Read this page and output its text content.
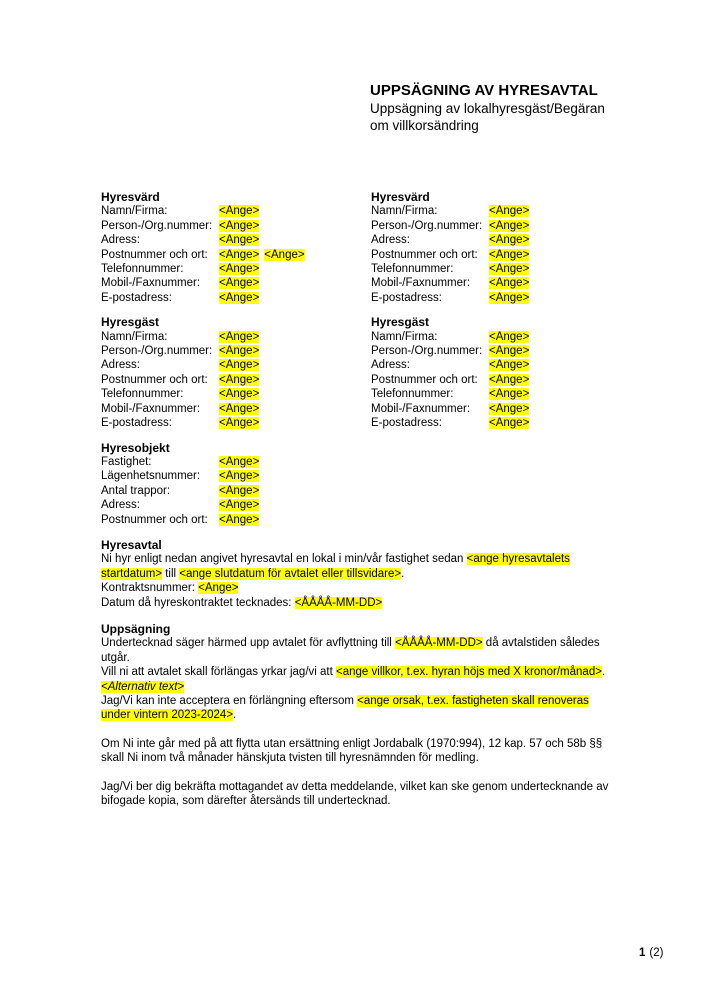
UPPSÄGNING AV HYRESAVTAL

Uppsägning av lokalhyresgäst/Begäran om villkorsändring

Hyresvärd
Namn/Firma:	<Ange>
Person-/Org.nummer: <Ange>
Adress:	<Ange>
Postnummer och ort: <Ange> <Ange>
Telefonnummer:	<Ange>
Mobil-/Faxnummer: <Ange>
E-postadress:	<Ange>
Hyresgäst
Namn/Firma:	<Ange>
Person-/Org.nummer: <Ange>
Adress:	<Ange>
Postnummer och ort: <Ange>
Telefonnummer:	<Ange>
Mobil-/Faxnummer: <Ange>
E-postadress:	<Ange>
Hyresobjekt
Fastighet:	<Ange>
Lägenhetsnummer: <Ange>
Antal trappor:	<Ange>
Adress:	<Ange>
Postnummer och ort: <Ange>
Hyresvärd
Namn/Firma:	<Ange>
Person-/Org.nummer: <Ange>
Adress:	<Ange>
Postnummer och ort: <Ange>
Telefonnummer:	<Ange>
Mobil-/Faxnummer: <Ange>
E-postadress:	<Ange>
Hyresgäst
Namn/Firma:	<Ange>
Person-/Org.nummer: <Ange>
Adress:	<Ange>
Postnummer och ort: <Ange>
Telefonnummer:	<Ange>
Mobil-/Faxnummer: <Ange>
E-postadress:	<Ange>
Hyresavtal

Ni hyr enligt nedan angivet hyresavtal en lokal i min/vår fastighet sedan <ange hyresavtalets startdatum> till <ange slutdatum för avtalet eller tillsvidare>.

Kontraktsnummer: <Ange>

Datum då hyreskontraktet tecknades: <ÅÅÅÅ-MM-DD>

Uppsägning

Undertecknad säger härmed upp avtalet för avflyttning till <ÅÅÅÅ-MM-DD> då avtalstiden således utgår.

Vill ni att avtalet skall förlängas yrkar jag/vi att <ange villkor, t.ex. hyran höjs med X kronor/månad>.

<Alternativ text>

Jag/Vi kan inte acceptera en förlängning eftersom <ange orsak, t.ex. fastigheten skall renoveras under vintern 2023-2024>.

Om Ni inte går med på att flytta utan ersättning enligt Jordabalk (1970:994), 12 kap. 57 och 58b §§ skall Ni inom två månader hänskjuta tvisten till hyresnämnden för medling.

Jag/Vi ber dig bekräfta mottagandet av detta meddelande, vilket kan ske genom undertecknande av bifogade kopia, som därefter återsänds till undertecknad.

1 (2)
